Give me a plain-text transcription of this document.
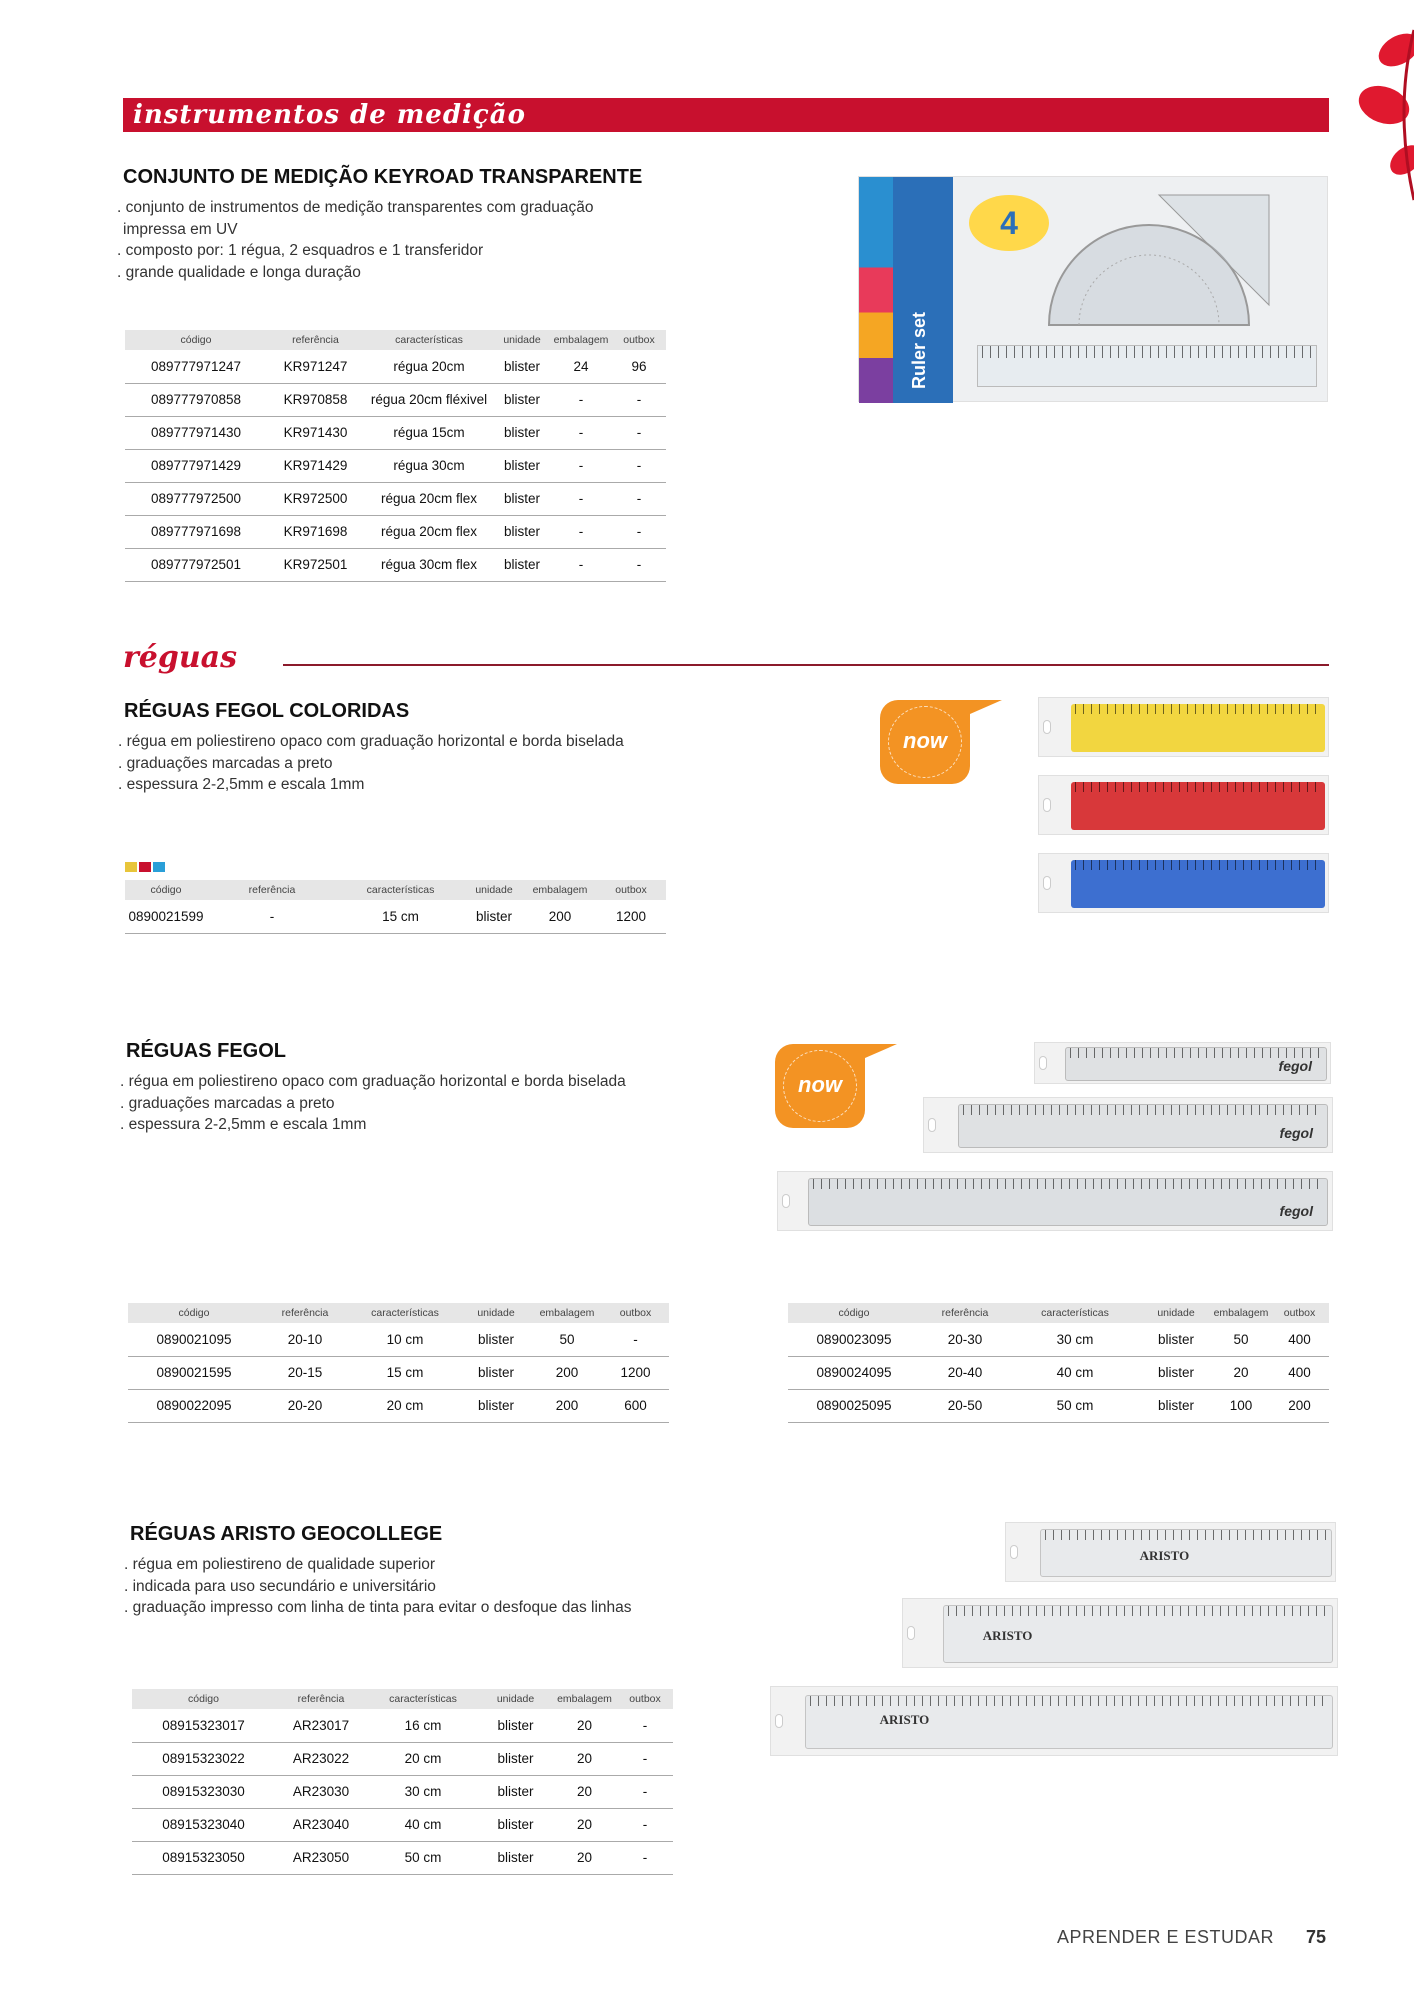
instrumentos de medição
CONJUNTO DE MEDIÇÃO KEYROAD TRANSPARENTE
. conjunto de instrumentos de medição transparentes com graduação
impressa em UV
. composto por: 1 régua, 2 esquadros e 1 transferidor
. grande qualidade e longa duração
código	referência	características	unidade	embalagem	outbox
089777971247	KR971247	régua 20cm	blister	24	96
089777970858	KR970858	régua 20cm fléxivel	blister	-	-
089777971430	KR971430	régua 15cm	blister	-	-
089777971429	KR971429	régua 30cm	blister	-	-
089777972500	KR972500	régua 20cm flex	blister	-	-
089777971698	KR971698	régua 20cm flex	blister	-	-
089777972501	KR972501	régua 30cm flex	blister	-	-
Ruler set
4
réguas
RÉGUAS FEGOL COLORIDAS
. régua em poliestireno opaco com graduação horizontal e borda biselada
. graduações marcadas a preto
. espessura 2-2,5mm e escala 1mm
now
código	referência	características	unidade	embalagem	outbox
0890021599	-	15 cm	blister	200	1200
RÉGUAS FEGOL
. régua em poliestireno opaco com graduação horizontal e borda biselada
. graduações marcadas a preto
. espessura 2-2,5mm e escala 1mm
now
fegol
fegol
fegol
código	referência	características	unidade	embalagem	outbox
0890021095	20-10	10 cm	blister	50	-
0890021595	20-15	15 cm	blister	200	1200
0890022095	20-20	20 cm	blister	200	600
código	referência	características	unidade	embalagem	outbox
0890023095	20-30	30 cm	blister	50	400
0890024095	20-40	40 cm	blister	20	400
0890025095	20-50	50 cm	blister	100	200
RÉGUAS ARISTO GEOCOLLEGE
. régua em poliestireno de qualidade superior
. indicada para uso secundário e universitário
. graduação impresso com linha de tinta para evitar o desfoque das linhas
ARISTO
ARISTO
ARISTO
código	referência	características	unidade	embalagem	outbox
08915323017	AR23017	16 cm	blister	20	-
08915323022	AR23022	20 cm	blister	20	-
08915323030	AR23030	30 cm	blister	20	-
08915323040	AR23040	40 cm	blister	20	-
08915323050	AR23050	50 cm	blister	20	-
APRENDER E ESTUDAR 75
